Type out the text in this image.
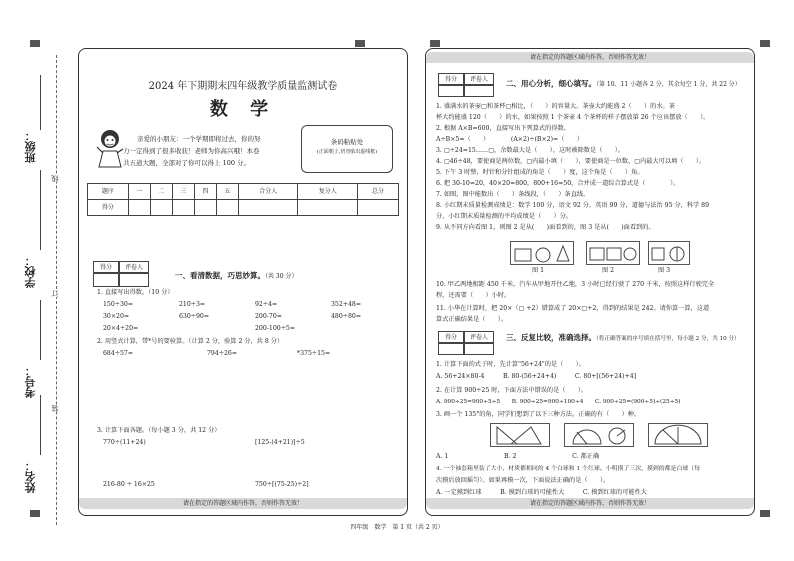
班级：
学校：
考号：
姓名：
线
订
装
2024 年下期期末四年级教学质量监测试卷
数 学
亲爱的小朋友：一个学期即将过去，你的努
力一定得到了很多收获！老师为你高兴哦！本卷
共五道大题，全部对了你可以得上 100 分。
条码粘贴处
(正面朝上,切勿贴出虚线框)
题序	一	二	三	四	五	合分人	复分人	总分
得分								
得分	评卷人
一、看清数据，巧思妙算。（共 30 分）
1. 直接写出得数。（10 分）
150÷30=	210÷3=	92÷4=	352+48=
30×20=	630÷90=	200-70=	480÷80=
20×4÷20=	200-100÷5=
2. 用竖式计算，带*号的要验算。（计算 2 分，验算 2 分，共 8 分）
684÷57=	794÷26=	*375÷15=
3. 计算下面各题。（每小题 3 分，共 12 分）
770÷(11+24)	[125-(4+21)]÷5
216-80 ÷ 16×25	750÷[(75-25)÷2]
请在指定的答题区域内作答，否则作答无效！
请在指定的答题区域内作答，否则作答无效！
得分	评卷人	二、用心分析，细心填写。（第 10、11 小题各 2 分，其余每空 1 分，共 22 分）
1. 盛满水的茶壶▢和茶杯▢相比，（　　）的容量大。茶壶大约能盛 2（　　）的水。茶
杯大约能盛 120（　　）的水，如果按照 1 个茶壶 4 个茶杯的样子摆放第 26 个应该摆放（　　）。
2. 根据 A×B=600，直接写出下列算式的得数。
A÷B×5=（　　）　　　　(A×2)÷(B×2)=（　　）
3. ▢÷24=15……▢，余数最大是（　　），这时被除数是（　　）。
4. ▢46÷48，要使商是两位数，▢内最小填（　　），要使商是一位数，▢内最大可以填（　　）。
5. 下午 3 时整，时针和分针组成的角是（　　）度，这个角是（　　）角。
6. 把 30-10=20，40×20=800，800+16=50，合并成一道综合算式是（　　　　）。
7. 如图，图中能数出（　　）条线段，（　　）条直线。
8. 小红期末质量检测成绩是：数学 100 分，语文 92 分，英语 99 分，道德与法治 95 分，科学 89
分，小红期末质量检测的平均成绩是（　　）分。
9. 从不同方向看图 1，则图 2 是从(　　)面看到的，图 3 是从(　　)面看到的。
图 1	图 2	图 3
10. 甲乙两地相距 450 千米，汽车从甲地开往乙地，3 小时已经行驶了 270 千米，按照这样行驶完全
程，还需要（　　）小时。
11. 小华在计算时，把 20×（▢ +2）错算成了 20×▢+2，得到的结果是 242。请你算一算，这道
算式正确结果是（　　）。
得分	评卷人	三、反复比较，准确选择。（将正确答案的序号填在括号里，每小题 2 分，共 10 分）
1. 计算下面的式子时，先计算"56+24"的是（　　）。
A. 56+24×80-4　　　B. 80-(56+24+4)　　　C. 80+[(56+24)+4]
2. 在计算 900÷25 时，下面方法中错误的是（　　）。
A. 900÷25=900÷5÷5　　B. 900÷25=900÷100÷4　　C. 900÷25=(900÷5)÷(25÷5)
3. 画一个 135°的角，同学们想到了以下三种方法。正确的有（　　）种。
A. 1　　　　　　　　　B. 2　　　　　　　　　C. 都正确
4. 一个袖套箱里装了大小、材质都相同的 4 个白球和 1 个红球。小明摸了三次，摸到的都是白球（每
次摸后放回摇匀）。如果再摸一次，下面说法正确的是（　　）。
A. 一定摸到红球　　　B. 摸到白球的可能性大　　　C. 摸到红球的可能性大
请在指定的答题区域内作答，否则作答无效！
四年级　数学　第 1 页（共 2 页）
